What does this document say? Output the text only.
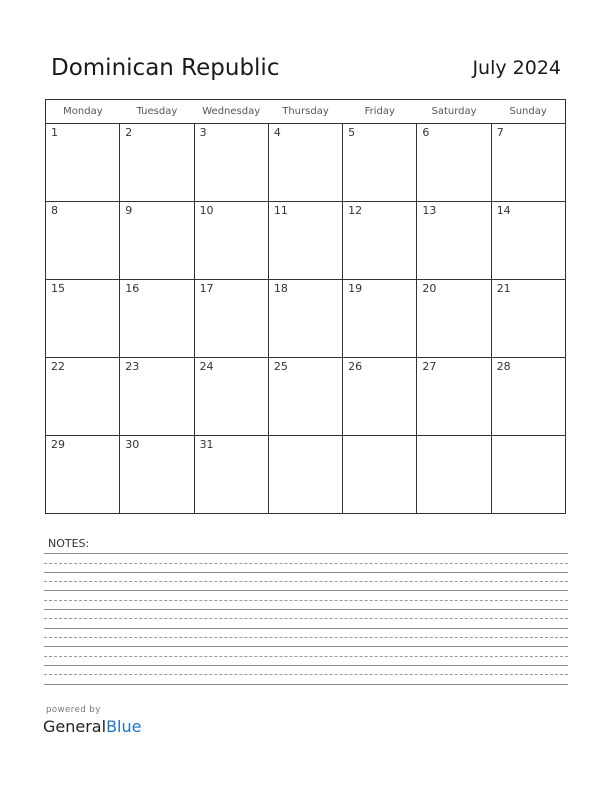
Dominican Republic	July 2024
Monday	Tuesday	Wednesday	Thursday	Friday	Saturday	Sunday

1	2	3	4	5	6	7

8	9	10	11	12	13	14

15	16	17	18	19	20	21

22	23	24	25	26	27	28

29	30	31				

NOTES:
powered by
GeneralBlue
